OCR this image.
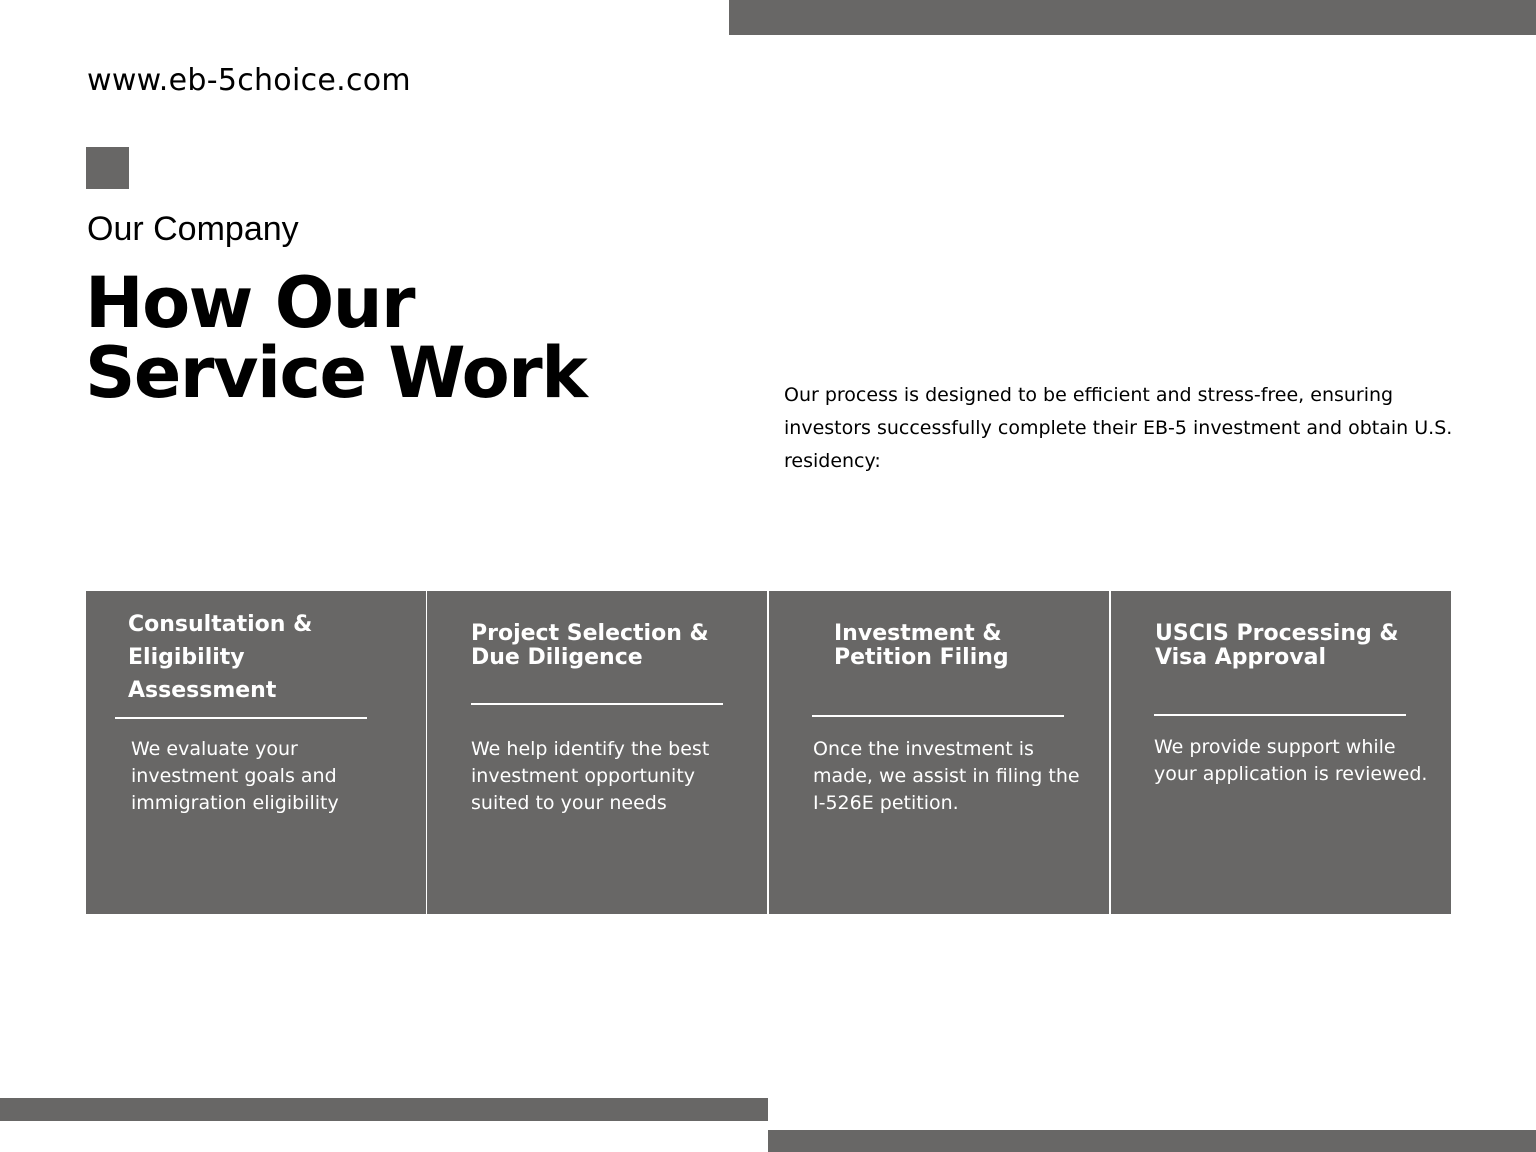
www.eb-5choice.com
Our Company
How Our
Service Work	Our process is designed to be efficient and stress-free, ensuring investors successfully complete their EB-5 investment and obtain U.S. residency:

Consultation &
Eligibility
Assessment

We evaluate your investment goals and immigration eligibility

Project Selection &
Due Diligence

We help identify the best investment opportunity suited to your needs

Investment &
Petition Filing

Once the investment is made, we assist in filing the I-526E petition.

USCIS Processing &
Visa Approval

We provide support while your application is reviewed.
